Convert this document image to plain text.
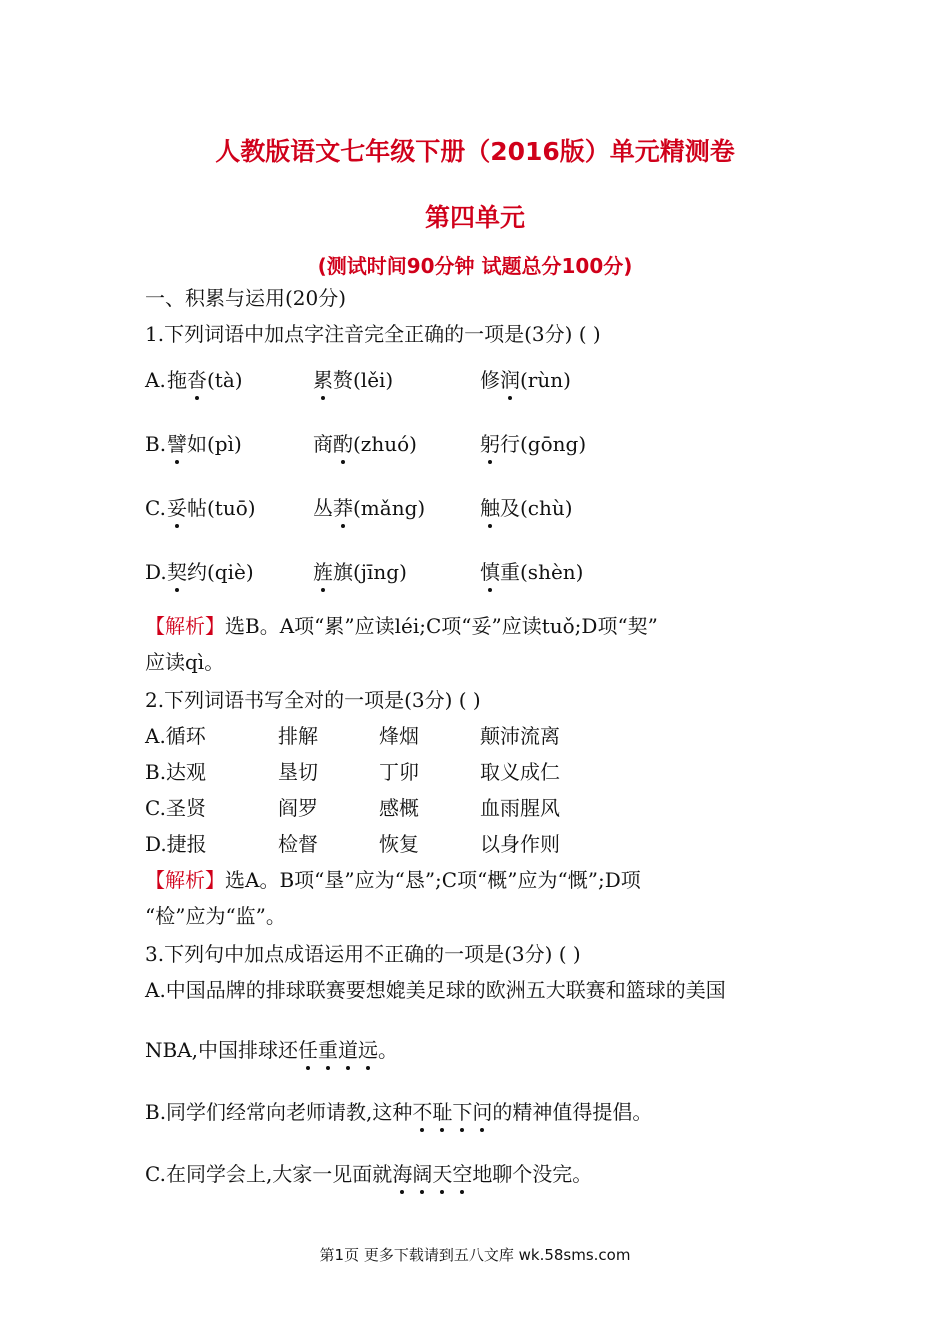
人教版语文七年级下册（2016版）单元精测卷
第四单元
(测试时间90分钟 试题总分100分)
一、积累与运用(20分)
1.下列词语中加点字注音完全正确的一项是(3分) ( )
A. 拖沓(tà)	累赘(lěi)	修润(rùn)
B. 譬如(pì)	商酌(zhuó)	躬行(gōng)
C. 妥帖(tuō)	丛莽(mǎng)	触及(chù)
D. 契约(qiè)	旌旗(jīng)	慎重(shèn)
【解析】选B。A项“累”应读léi;C项“妥”应读tuǒ;D项“契”
应读qì。
2.下列词语书写全对的一项是(3分) ( )
A.循环	排解	烽烟	颠沛流离
B.达观	垦切	丁卯	取义成仁
C.圣贤	阎罗	感概	血雨腥风
D.捷报	检督	恢复	以身作则
【解析】选A。B项“垦”应为“恳”;C项“概”应为“慨”;D项
“检”应为“监”。
3.下列句中加点成语运用不正确的一项是(3分) ( )
A.中国品牌的排球联赛要想媲美足球的欧洲五大联赛和篮球的美国
NBA,中国排球还任重道远。
B.同学们经常向老师请教,这种不耻下问的精神值得提倡。
C.在同学会上,大家一见面就海阔天空地聊个没完。
第1页 更多下载请到五八文库 wk.58sms.com
